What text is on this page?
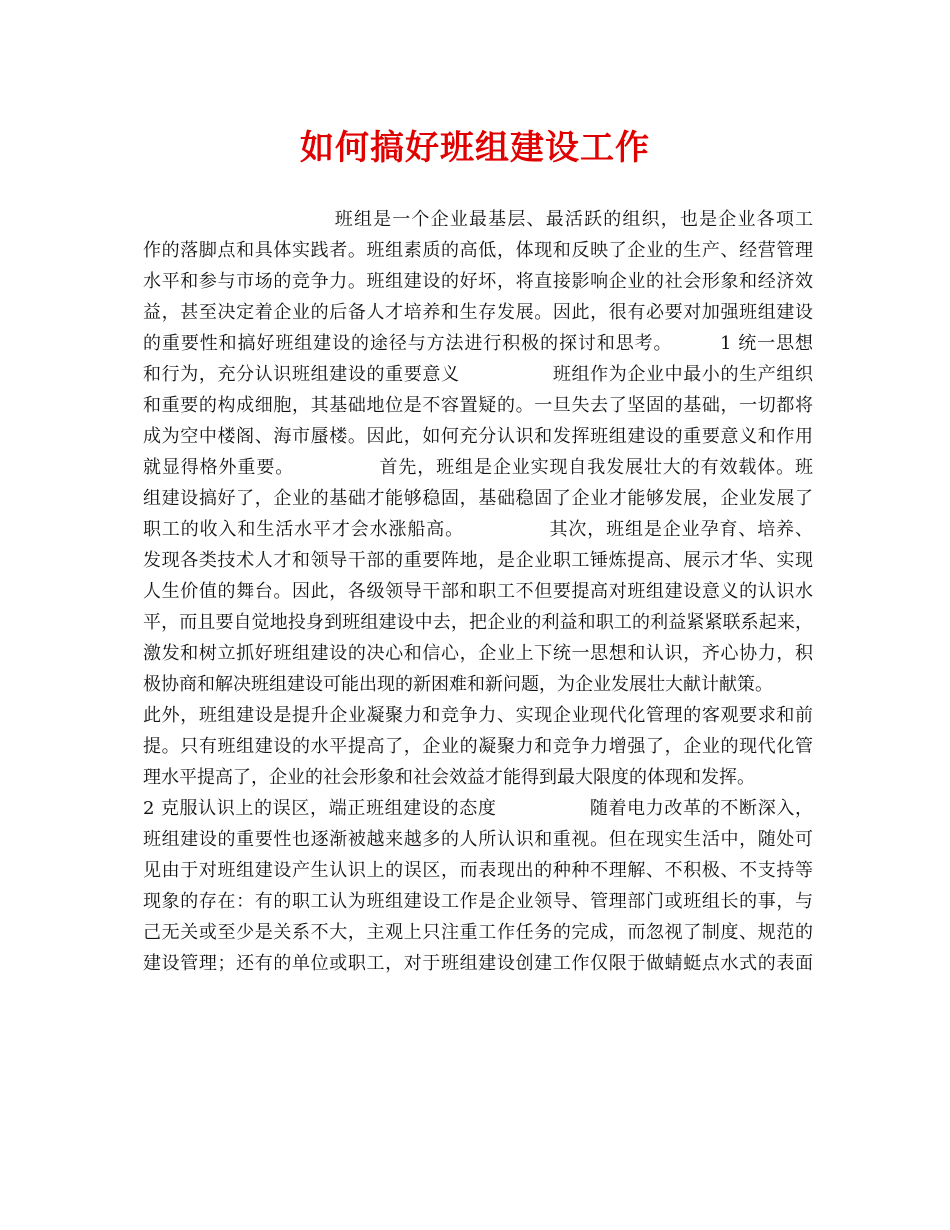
如何搞好班组建设工作
　　　　　　　　　　班组是一个企业最基层、最活跃的组织，也是企业各项工
作的落脚点和具体实践者。班组素质的高低，体现和反映了企业的生产、经营管理
水平和参与市场的竞争力。班组建设的好坏，将直接影响企业的社会形象和经济效
益，甚至决定着企业的后备人才培养和生存发展。因此，很有必要对加强班组建设
的重要性和搞好班组建设的途径与方法进行积极的探讨和思考。　　　1 统一思想
和行为，充分认识班组建设的重要意义　　　　　班组作为企业中最小的生产组织
和重要的构成细胞，其基础地位是不容置疑的。一旦失去了坚固的基础，一切都将
成为空中楼阁、海市蜃楼。因此，如何充分认识和发挥班组建设的重要意义和作用
就显得格外重要。　　　　　首先，班组是企业实现自我发展壮大的有效载体。班
组建设搞好了，企业的基础才能够稳固，基础稳固了企业才能够发展，企业发展了
职工的收入和生活水平才会水涨船高。　　　　　其次，班组是企业孕育、培养、
发现各类技术人才和领导干部的重要阵地，是企业职工锤炼提高、展示才华、实现
人生价值的舞台。因此，各级领导干部和职工不但要提高对班组建设意义的认识水
平，而且要自觉地投身到班组建设中去，把企业的利益和职工的利益紧紧联系起来，
激发和树立抓好班组建设的决心和信心，企业上下统一思想和认识，齐心协力，积
极协商和解决班组建设可能出现的新困难和新问题，为企业发展壮大献计献策。
此外，班组建设是提升企业凝聚力和竞争力、实现企业现代化管理的客观要求和前
提。只有班组建设的水平提高了，企业的凝聚力和竞争力增强了，企业的现代化管
理水平提高了，企业的社会形象和社会效益才能得到最大限度的体现和发挥。
2 克服认识上的误区，端正班组建设的态度　　　　　随着电力改革的不断深入，
班组建设的重要性也逐渐被越来越多的人所认识和重视。但在现实生活中，随处可
见由于对班组建设产生认识上的误区，而表现出的种种不理解、不积极、不支持等
现象的存在：有的职工认为班组建设工作是企业领导、管理部门或班组长的事，与
己无关或至少是关系不大，主观上只注重工作任务的完成，而忽视了制度、规范的
建设管理；还有的单位或职工，对于班组建设创建工作仅限于做蜻蜓点水式的表面
